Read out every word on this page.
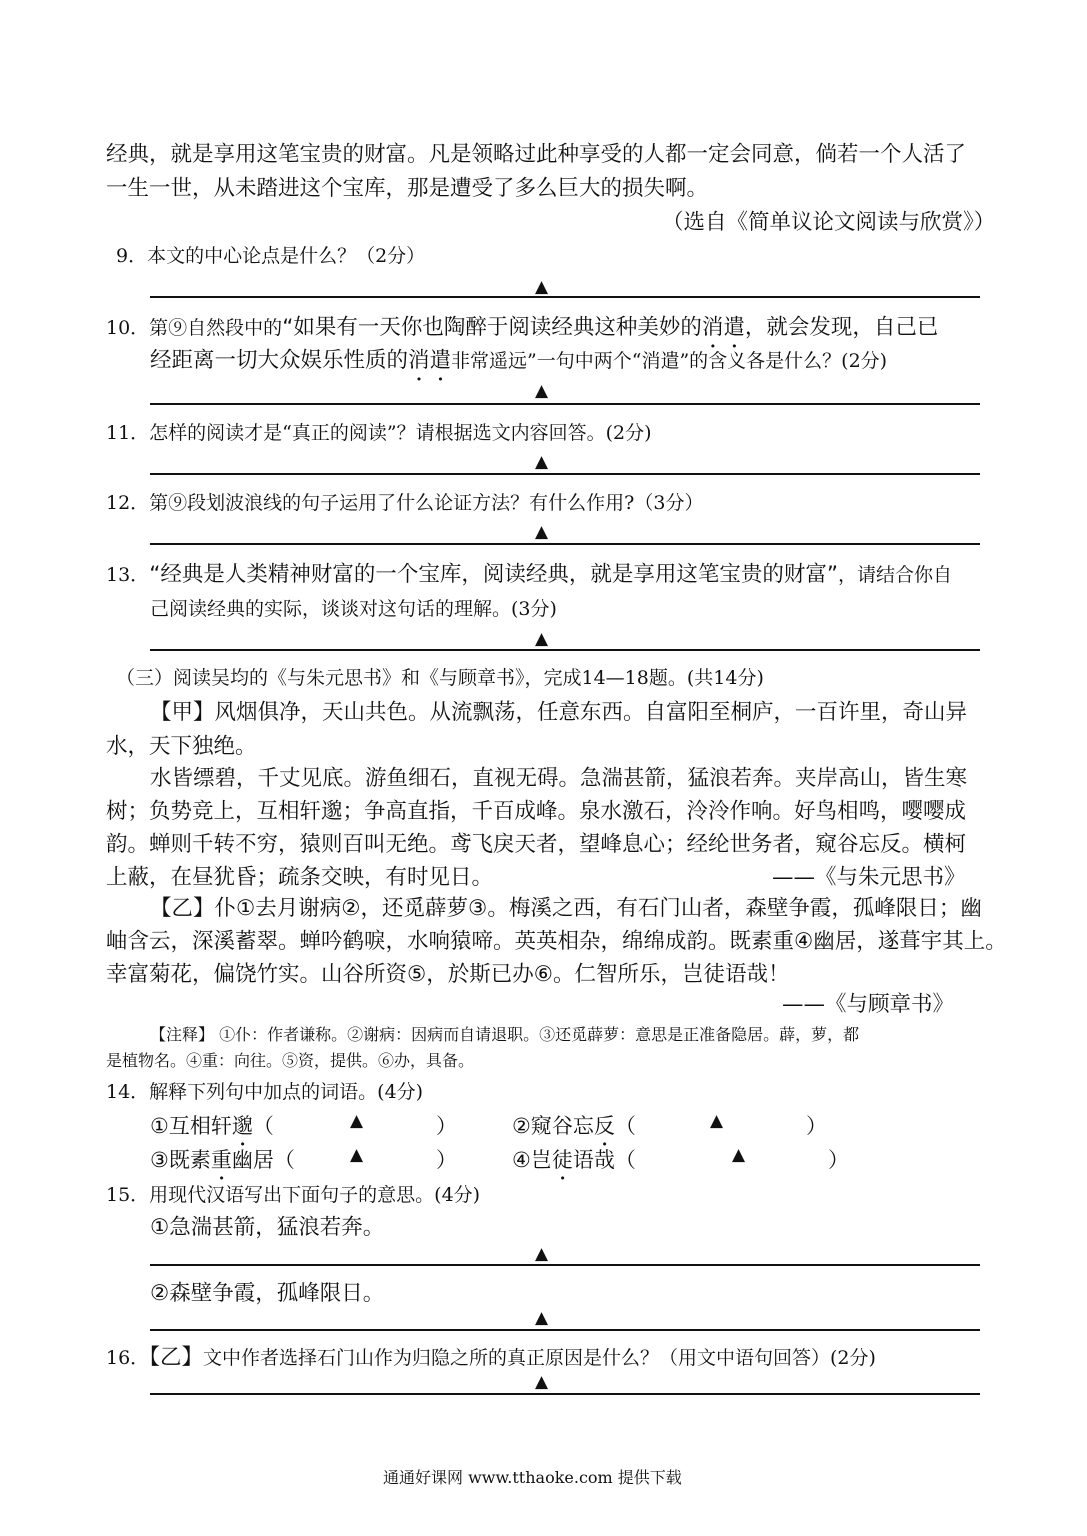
经典，就是享用这笔宝贵的财富。凡是领略过此种享受的人都一定会同意，倘若一个人活了
一生一世，从未踏进这个宝库，那是遭受了多么巨大的损失啊。
（选自《简单议论文阅读与欣赏》）
9．本文的中心论点是什么？（2分）
▲
10．第⑨自然段中的“如果有一天你也陶醉于阅读经典这种美妙的消遣，就会发现，自己已
经距离一切大众娱乐性质的消遣非常遥远”一句中两个“消遣”的含义各是什么？(2分)
▲
11．怎样的阅读才是“真正的阅读”？请根据选文内容回答。(2分)
▲
12．第⑨段划波浪线的句子运用了什么论证方法？有什么作用?（3分）
▲
13．“经典是人类精神财富的一个宝库，阅读经典，就是享用这笔宝贵的财富”，请结合你自
己阅读经典的实际，谈谈对这句话的理解。(3分)
▲
（三）阅读吴均的《与朱元思书》和《与顾章书》，完成14—18题。(共14分)
【甲】风烟俱净，天山共色。从流飘荡，任意东西。自富阳至桐庐，一百许里，奇山异
水，天下独绝。
水皆缥碧，千丈见底。游鱼细石，直视无碍。急湍甚箭，猛浪若奔。夹岸高山，皆生寒
树；负势竞上，互相轩邈；争高直指，千百成峰。泉水激石，泠泠作响。好鸟相鸣，嘤嘤成
韵。蝉则千转不穷，猿则百叫无绝。鸢飞戾天者，望峰息心；经纶世务者，窥谷忘反。横柯
上蔽，在昼犹昏；疏条交映，有时见日。	——《与朱元思书》
【乙】仆①去月谢病②，还觅薜萝③。梅溪之西，有石门山者，森壁争霞，孤峰限日；幽
岫含云，深溪蓄翠。蝉吟鹤唳，水响猿啼。英英相杂，绵绵成韵。既素重④幽居，遂葺宇其上。
幸富菊花，偏饶竹实。山谷所资⑤，於斯已办⑥。仁智所乐，岂徒语哉！
——《与顾章书》
【注释】 ①仆：作者谦称。②谢病：因病而自请退职。③还觅薜萝：意思是正准备隐居。薜，萝，都
是植物名。④重：向往。⑤资，提供。⑥办，具备。
14．解释下列句中加点的词语。(4分)
①互相轩邈（	▲	）	②窥谷忘反（	▲	）
③既素重幽居（	▲	）	④岂徒语哉（	▲	）
15．用现代汉语写出下面句子的意思。(4分)
①急湍甚箭，猛浪若奔。
▲
②森壁争霞，孤峰限日。
▲
16．【乙】文中作者选择石门山作为归隐之所的真正原因是什么？（用文中语句回答）(2分)
▲
通通好课网 www.tthaoke.com 提供下载
